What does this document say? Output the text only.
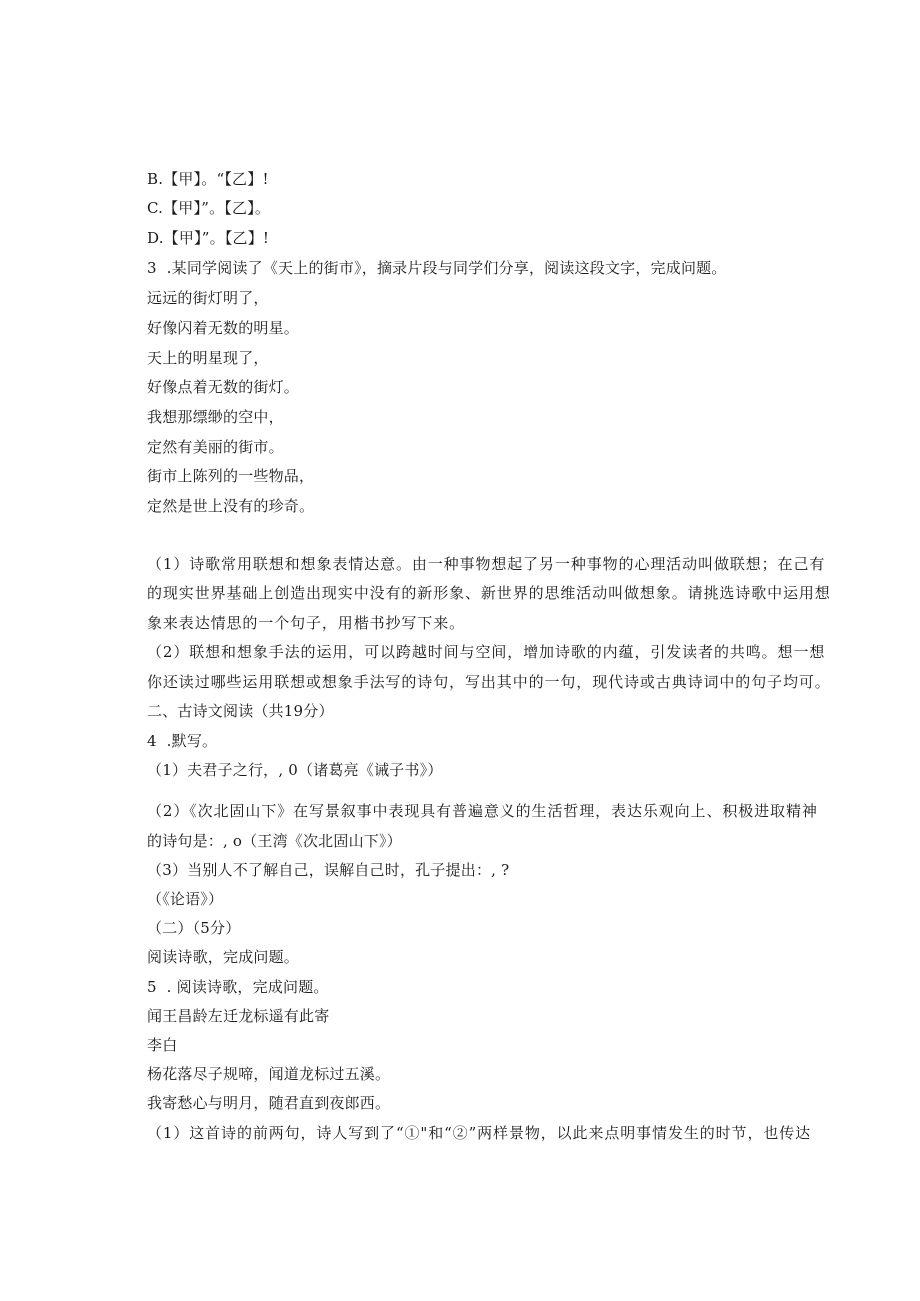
B.【甲】。“【乙】!
C.【甲】”。【乙】。
D.【甲】”。【乙】!
3  .某同学阅读了《天上的街市》，摘录片段与同学们分享，阅读这段文字，完成问题。
远远的街灯明了，
好像闪着无数的明星。
天上的明星现了，
好像点着无数的街灯。
我想那缥缈的空中，
定然有美丽的街市。
街市上陈列的一些物品，
定然是世上没有的珍奇。
（1）诗歌常用联想和想象表情达意。由一种事物想起了另一种事物的心理活动叫做联想；在己有
的现实世界基础上创造出现实中没有的新形象、新世界的思维活动叫做想象。请挑选诗歌中运用想
象来表达情思的一个句子，用楷书抄写下来。
（2）联想和想象手法的运用，可以跨越时间与空间，增加诗歌的内蕴，引发读者的共鸣。想一想
你还读过哪些运用联想或想象手法写的诗句，写出其中的一句，现代诗或古典诗词中的句子均可。
二、古诗文阅读（共19分）
4  .默写。
（1）夫君子之行，, 0（诸葛亮《诫子书》）
（2）《次北固山下》在写景叙事中表现具有普遍意义的生活哲理，表达乐观向上、积极进取精神
的诗句是：, o（王湾《次北固山下》）
（3）当别人不了解自己，误解自己时，孔子提出：, ?
（《论语》）
（二）（5分）
阅读诗歌，完成问题。
5  . 阅读诗歌，完成问题。
闻王昌龄左迁龙标遥有此寄
李白
杨花落尽子规啼，闻道龙标过五溪。
我寄愁心与明月，随君直到夜郎西。
（1）这首诗的前两句，诗人写到了“①"和“②”两样景物，以此来点明事情发生的时节，也传达
